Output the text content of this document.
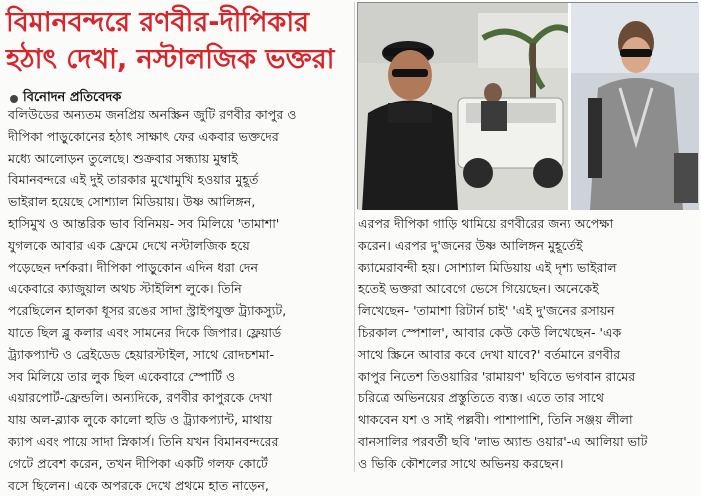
বিমানবন্দরে রণবীর-দীপিকার
হঠাৎ দেখা, নস্টালজিক ভক্তরা
বিনোদন প্রতিবেদক
বলিউডের অন্যতম জনপ্রিয় অনস্ক্রিন জুটি রণবীর কাপুর ও
দীপিকা পাড়ুকোনের হঠাৎ সাক্ষাৎ ফের একবার ভক্তদের
মধ্যে আলোড়ন তুলেছে। শুক্রবার সন্ধ্যায় মুম্বাই
বিমানবন্দরে এই দুই তারকার মুখোমুখি হওয়ার মুহূর্ত
ভাইরাল হয়েছে সোশ্যাল মিডিয়ায়। উষ্ণ আলিঙ্গন,
হাসিমুখ ও আন্তরিক ভাব বিনিময়- সব মিলিয়ে 'তামাশা'
যুগলকে আবার এক ফ্রেমে দেখে নস্টালজিক হয়ে
পড়েছেন দর্শকরা। দীপিকা পাড়ুকোন এদিন ধরা দেন
একেবারে ক্যাজুয়াল অথচ স্টাইলিশ লুকে। তিনি
পরেছিলেন হালকা ধূসর রঙের সাদা স্ট্রাইপযুক্ত ট্র্যাকস্যুট,
যাতে ছিল ব্লু কলার এবং সামনের দিকে জিপার। ফ্লেয়ার্ড
ট্র্যাকপ্যান্ট ও ব্রেইডেড হেয়ারস্টাইল, সাথে রোদচশমা-
সব মিলিয়ে তার লুক ছিল একেবারে স্পোর্টি ও
এয়ারপোর্ট-ফ্রেন্ডলি। অন্যদিকে, রণবীর কাপুরকে দেখা
যায় অল-ব্ল্যাক লুকে কালো হুডি ও ট্র্যাকপ্যান্ট, মাথায়
ক্যাপ এবং পায়ে সাদা স্নিকার্স। তিনি যখন বিমানবন্দরের
গেটে প্রবেশ করেন, তখন দীপিকা একটি গলফ কোর্টে
বসে ছিলেন। একে অপরকে দেখে প্রথমে হাত নাড়েন,
এরপর দীপিকা গাড়ি থামিয়ে রণবীরের জন্য অপেক্ষা
করেন। এরপর দু'জনের উষ্ণ আলিঙ্গন মুহূর্তেই
ক্যামেরাবন্দী হয়। সোশ্যাল মিডিয়ায় এই দৃশ্য ভাইরাল
হতেই ভক্তরা আবেগে ভেসে গিয়েছেন। অনেকেই
লিখেছেন- 'তামাশা রিটার্ন চাই' 'এই দু'জনের রসায়ন
চিরকাল স্পেশাল', আবার কেউ কেউ লিখেছেন- 'এক
সাথে স্ক্রিনে আবার কবে দেখা যাবে?' বর্তমানে রণবীর
কাপুর নিতেশ তিওয়ারির 'রামায়ণ' ছবিতে ভগবান রামের
চরিত্রে অভিনয়ের প্রস্তুতিতে ব্যস্ত। এতে তার সাথে
থাকবেন যশ ও সাই পল্লবী। পাশাপাশি, তিনি সঞ্জয় লীলা
বানসালির পরবর্তী ছবি 'লাভ অ্যান্ড ওয়ার'-এ আলিয়া ভাট
ও ভিকি কৌশলের সাথে অভিনয় করছেন।
